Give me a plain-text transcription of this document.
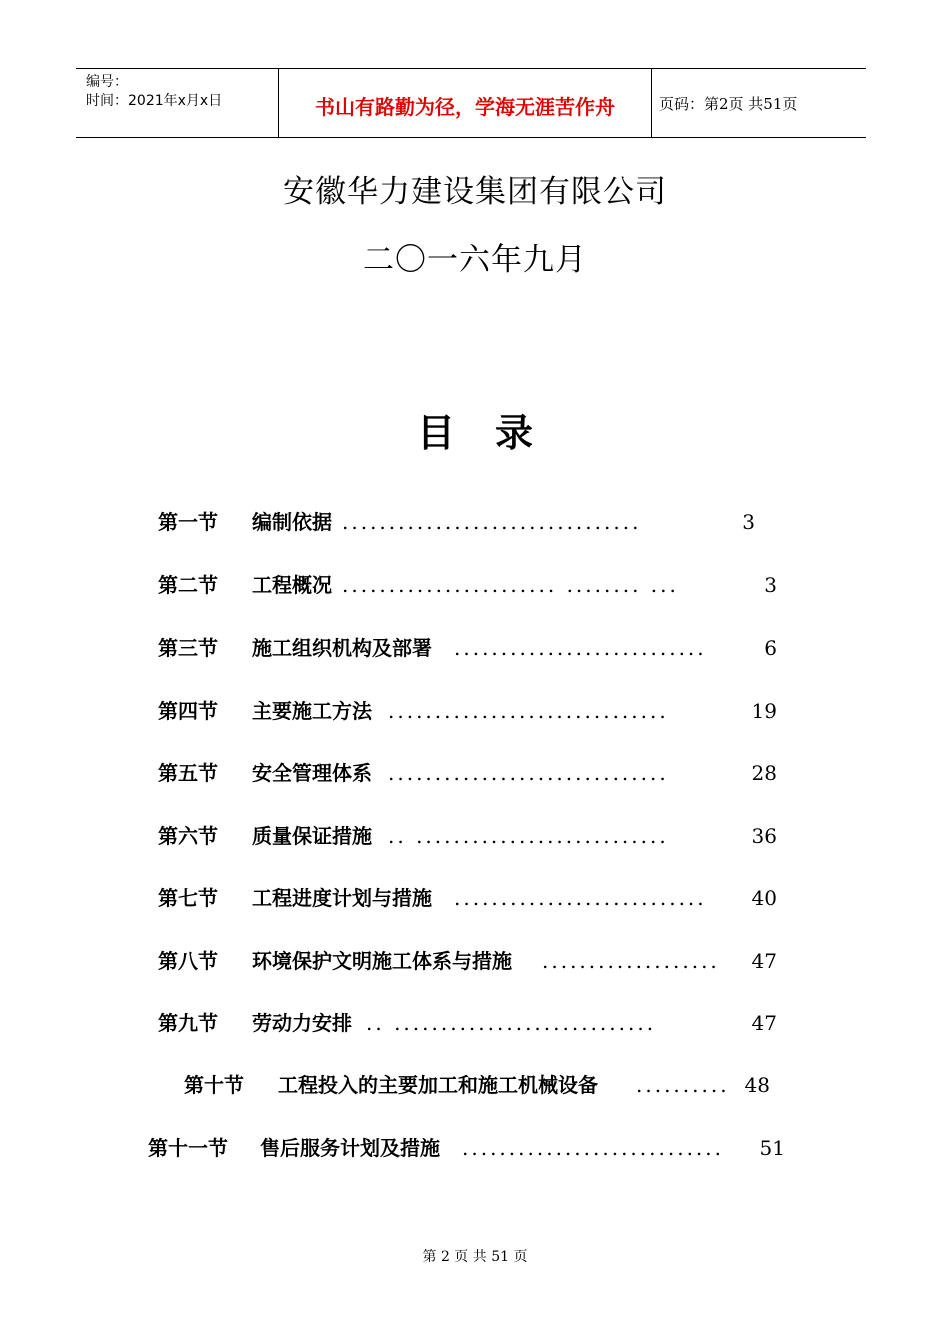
编号：
时间：2021年x月x日	书山有路勤为径，学海无涯苦作舟	页码：第2页 共51页
安徽华力建设集团有限公司
二〇一六年九月
目录
第一节 编制依据 ................................	3
第二节 工程概况 ....................... ........ ...	3
第三节 施工组织机构及部署 ...........................	6
第四节 主要施工方法 ..............................	19
第五节 安全管理体系 ..............................	28
第六节 质量保证措施 .. ...........................	36
第七节 工程进度计划与措施 ...........................	40
第八节 环境保护文明施工体系与措施 ...................	47
第九节 劳动力安排 .. ............................	47
第十节 工程投入的主要加工和施工机械设备 .......... 48
第十一节 售后服务计划及措施 ............................	51
第 2 页 共 51 页
